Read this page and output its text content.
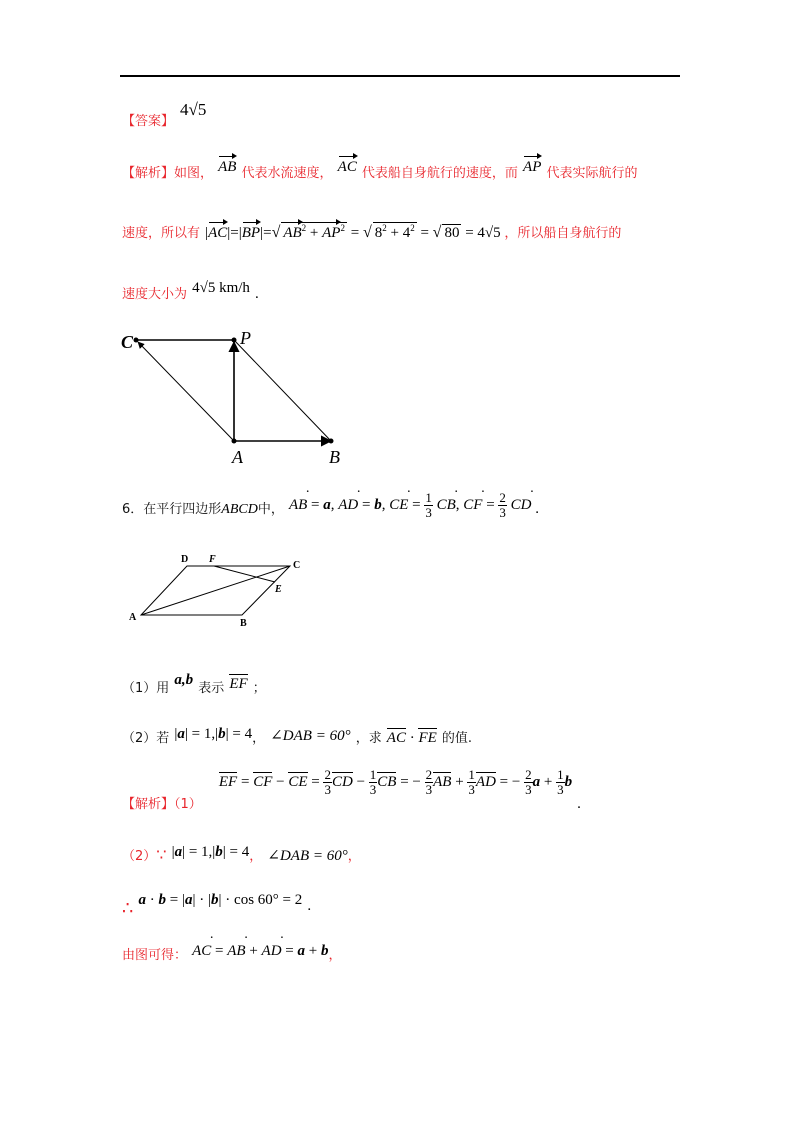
【答案】
4√5
【解析】如图， AB 代表水流速度， AC 代表船自身航行的速度，而 AP 代表实际航行的
速度，所以有 |AC|=|BP|=√ $AB^2 + AP^2$ = √ $8^2 + 4^2$ = √ 80 = 4√5 ，所以船自身航行的
速度大小为 4√5 km/h .
C	P
A	B
6．在平行四边形ABCD中， AB · = a, AD · = b, CE · = $\frac{1}{3}$ CB ·, CF · = $\frac{2}{3}$ CD · .
D F
C
E
A
B
（1）用 a,b 表示 EF ；
（2）若 |a| = 1,|b| = 4， ∠DAB = 60° ，求 AC · FE 的值.
$_{【解析】(1)}$ EF = CF − CE = $\frac{2}{3}$ CD − $\frac{1}{3}$ CB = − $\frac{2}{3}$ AB + $\frac{1}{3}$ AD = − $\frac{2}{3}$ $a + \frac{1}{3}$ b .
（2）∵ |a| = 1,|b| = 4， ∠DAB = 60°，
∴ a · b = |a| · |b| · cos 60° = 2 .
由图可得： AC · = AB · + AD · = a + b，
